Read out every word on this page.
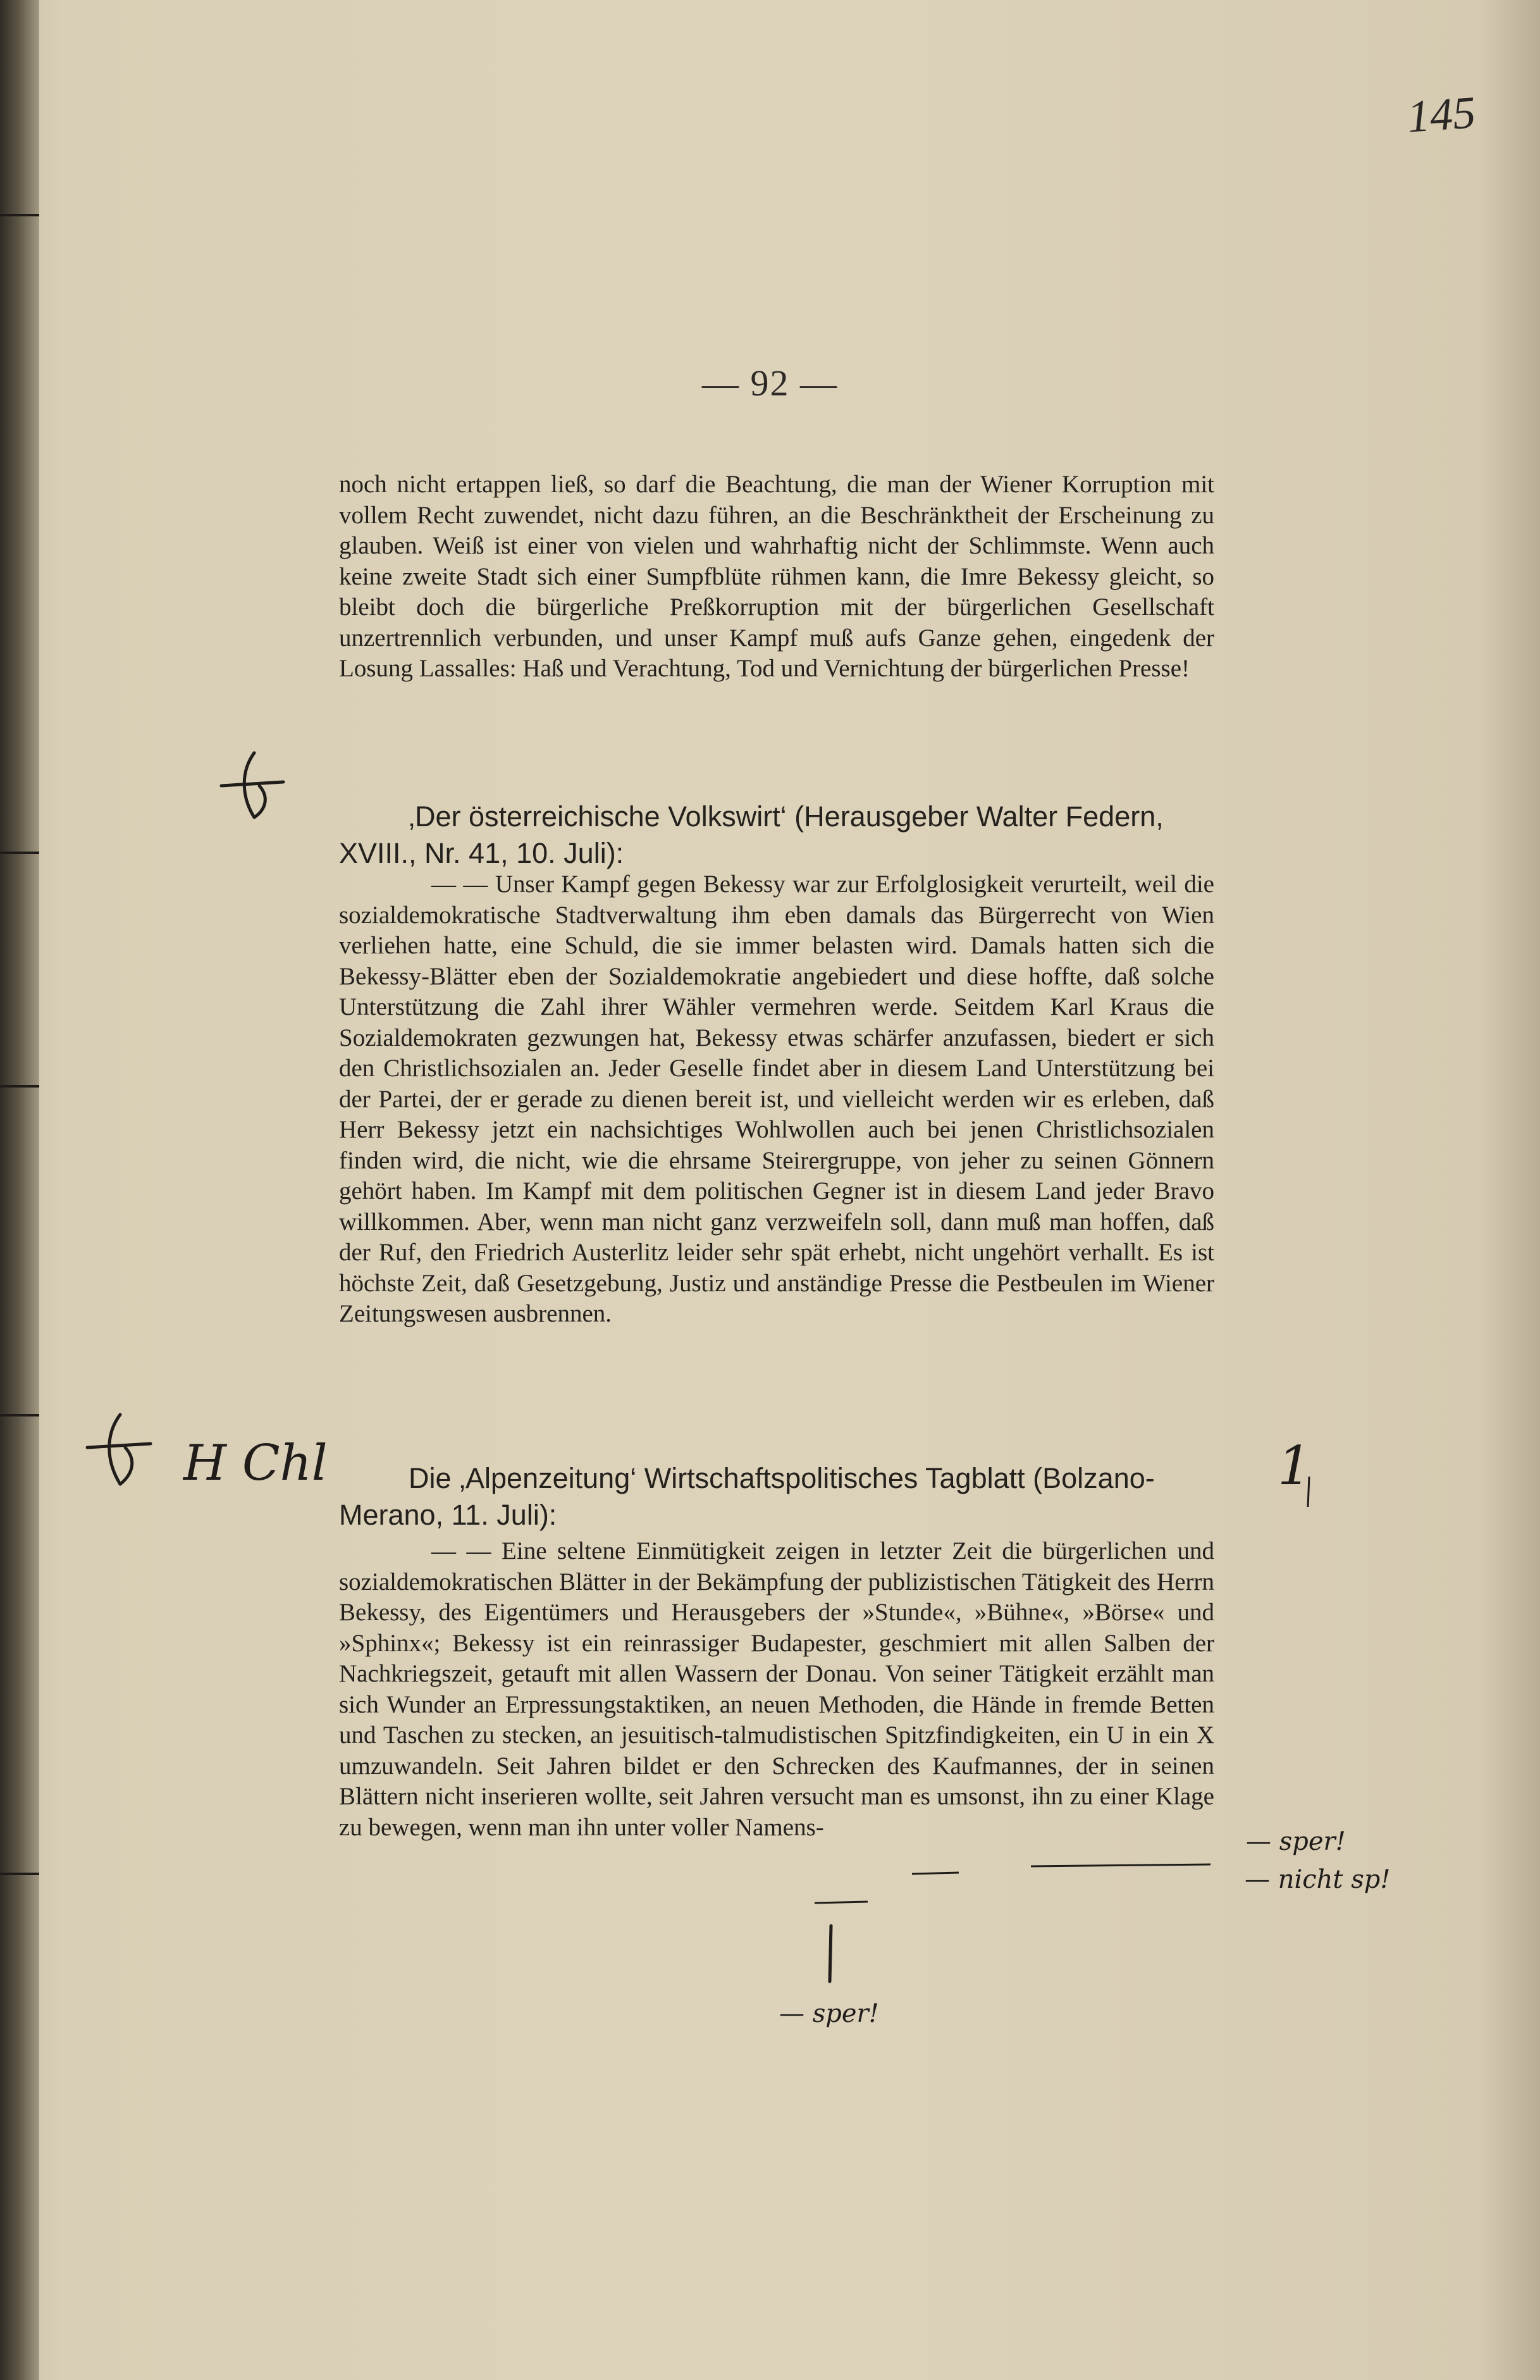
145
— 92 —

noch nicht ertappen ließ, so darf die Beachtung, die man der Wiener Korruption mit vollem Recht zuwendet, nicht dazu führen, an die Beschränktheit der Erscheinung zu glauben. Weiß ist einer von vielen und wahrhaftig nicht der Schlimmste. Wenn auch keine zweite Stadt sich einer Sumpfblüte rühmen kann, die Imre Bekessy gleicht, so bleibt doch die bürgerliche Preßkorruption mit der bürgerlichen Gesellschaft unzertrennlich verbunden, und unser Kampf muß aufs Ganze gehen, eingedenk der Losung Lassalles: Haß und Verachtung, Tod und Vernichtung der bürgerlichen Presse!

‚Der österreichische Volkswirt‘ (Herausgeber Walter Federn, XVIII., Nr. 41, 10. Juli):

— — Unser Kampf gegen Bekessy war zur Erfolglosigkeit verurteilt, weil die sozialdemokratische Stadtverwaltung ihm eben damals das Bürgerrecht von Wien verliehen hatte, eine Schuld, die sie immer belasten wird. Damals hatten sich die Bekessy-Blätter eben der Sozialdemokratie angebiedert und diese hoffte, daß solche Unterstützung die Zahl ihrer Wähler vermehren werde. Seitdem Karl Kraus die Sozialdemokraten gezwungen hat, Bekessy etwas schärfer anzufassen, biedert er sich den Christlichsozialen an. Jeder Geselle findet aber in diesem Land Unterstützung bei der Partei, der er gerade zu dienen bereit ist, und vielleicht werden wir es erleben, daß Herr Bekessy jetzt ein nachsichtiges Wohlwollen auch bei jenen Christlichsozialen finden wird, die nicht, wie die ehrsame Steirergruppe, von jeher zu seinen Gönnern gehört haben. Im Kampf mit dem politischen Gegner ist in diesem Land jeder Bravo willkommen. Aber, wenn man nicht ganz verzweifeln soll, dann muß man hoffen, daß der Ruf, den Friedrich Austerlitz leider sehr spät erhebt, nicht ungehört verhallt. Es ist höchste Zeit, daß Gesetzgebung, Justiz und anständige Presse die Pestbeulen im Wiener Zeitungswesen ausbrennen.

Die ‚Alpenzeitung‘ Wirtschaftspolitisches Tagblatt (Bolzano-Merano, 11. Juli):

— — Eine seltene Einmütigkeit zeigen in letzter Zeit die bürgerlichen und sozialdemokratischen Blätter in der Bekämpfung der publizistischen Tätigkeit des Herrn Bekessy, des Eigentümers und Herausgebers der »Stunde«, »Bühne«, »Börse« und »Sphinx«; Bekessy ist ein reinrassiger Budapester, geschmiert mit allen Salben der Nachkriegszeit, getauft mit allen Wassern der Donau. Von seiner Tätigkeit erzählt man sich Wunder an Erpressungstaktiken, an neuen Methoden, die Hände in fremde Betten und Taschen zu stecken, an jesuitisch-talmudistischen Spitzfindigkeiten, ein U in ein X umzuwandeln. Seit Jahren bildet er den Schrecken des Kaufmannes, der in seinen Blättern nicht inserieren wollte, seit Jahren versucht man es umsonst, ihn zu einer Klage zu bewegen, wenn man ihn unter voller Namens-

H Chl	1
— sper!
— nicht sp!
— sper!
